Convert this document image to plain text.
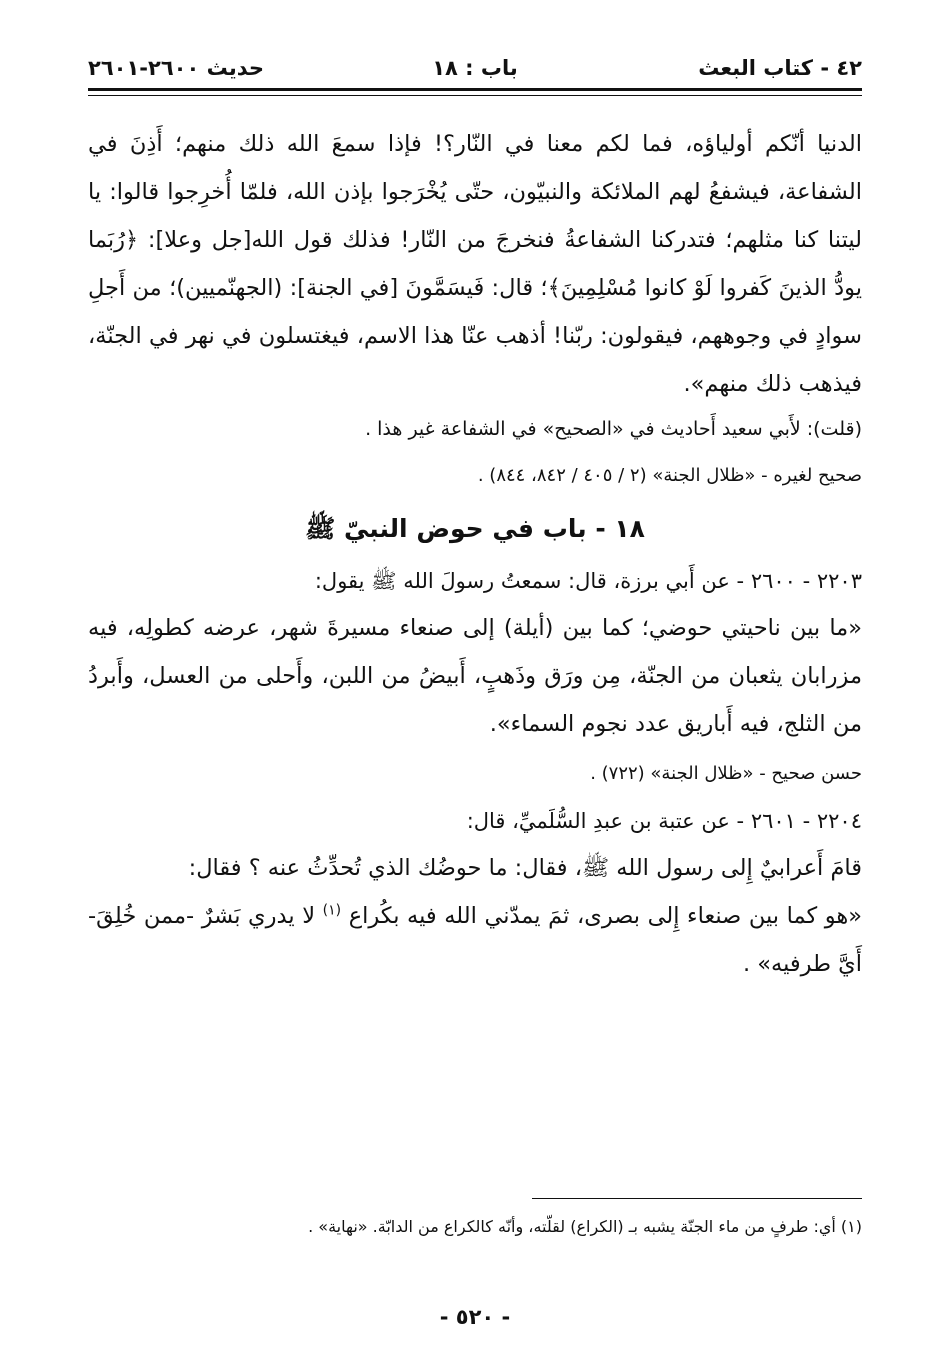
٤٢ - كتاب البعث
باب : ١٨
حديث ٢٦٠٠-٢٦٠١

الدنيا أنّكم أولياؤه، فما لكم معنا في النّار؟! فإذا سمعَ الله ذلك منهم؛ أَذِنَ في الشفاعة، فيشفعُ لهم الملائكة والنبيّون، حتّى يُخْرَجوا بإذن الله، فلمّا أُخرِجوا قالوا: يا ليتنا كنا مثلهم؛ فتدركنا الشفاعةُ فنخرجَ من النّار! فذلك قول الله[جل وعلا]: ﴿رُبَما يودُّ الذينَ كَفروا لَوْ كانوا مُسْلِمِينَ﴾؛ قال: فَيسَمَّونَ [في الجنة]: (الجهنّميين)؛ من أَجلِ سوادٍ في وجوههم، فيقولون: ربّنا! أذهب عنّا هذا الاسم، فيغتسلون في نهر في الجنّة، فيذهب ذلك منهم».

(قلت): لأَبي سعيد أَحاديث في «الصحيح» في الشفاعة غير هذا .

صحيح لغيره - «ظلال الجنة» (٢ / ٤٠٥ / ٨٤٢، ٨٤٤) .

١٨ - باب في حوض النبيّ ﷺ

٢٢٠٣ - ٢٦٠٠ - عن أَبي برزة، قال: سمعتُ رسولَ الله ﷺ يقول:

«ما بين ناحيتي حوضي؛ كما بين (أيلة) إلى صنعاء مسيرةَ شهر، عرضه كطولِه، فيه مزرابان يثعبان من الجنّة، مِن ورَق وذَهبٍ، أَبيضُ من اللبن، وأَحلى من العسل، وأَبردُ من الثلج، فيه أَباريق عدد نجوم السماء».

حسن صحيح - «ظلال الجنة» (٧٢٢) .

٢٢٠٤ - ٢٦٠١ - عن عتبة بن عبدِ السُّلَميِّ، قال:

قامَ أَعرابيٌ إِلى رسول الله ﷺ، فقال: ما حوضُك الذي تُحدِّثُ عنه ؟ فقال:

«هو كما بين صنعاء إِلى بصرى، ثمَ يمدّني الله فيه بكُراع $^{(١)}$ لا يدري بَشرٌ -ممن خُلِقَ- أَيَّ طرفيه» .

(١) أي: طرفٍ من ماء الجنّة يشبه بـ (الكراع) لقلّته، وأنّه كالكراع من الدابّة. «نهاية» .
- ٥٢٠ -
